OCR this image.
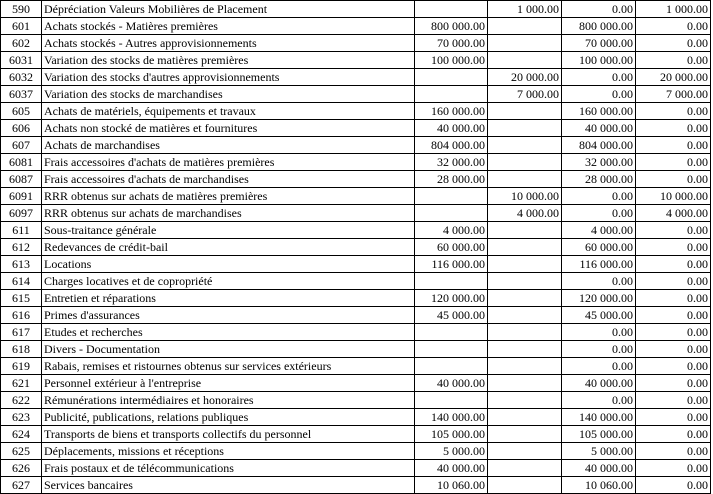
590	Dépréciation Valeurs Mobilières de Placement		1 000.00	0.00	1 000.00
601	Achats stockés - Matières premières	800 000.00		800 000.00	0.00
602	Achats stockés - Autres approvisionnements	70 000.00		70 000.00	0.00
6031	Variation des stocks de matières premières	100 000.00		100 000.00	0.00
6032	Variation des stocks d'autres approvisionnements		20 000.00	0.00	20 000.00
6037	Variation des stocks de marchandises		7 000.00	0.00	7 000.00
605	Achats de matériels, équipements et travaux	160 000.00		160 000.00	0.00
606	Achats non stocké de matières et fournitures	40 000.00		40 000.00	0.00
607	Achats de marchandises	804 000.00		804 000.00	0.00
6081	Frais accessoires d'achats de matières premières	32 000.00		32 000.00	0.00
6087	Frais accessoires d'achats de marchandises	28 000.00		28 000.00	0.00
6091	RRR obtenus sur achats de matières premières		10 000.00	0.00	10 000.00
6097	RRR obtenus sur achats de marchandises		4 000.00	0.00	4 000.00
611	Sous-traitance générale	4 000.00		4 000.00	0.00
612	Redevances de crédit-bail	60 000.00		60 000.00	0.00
613	Locations	116 000.00		116 000.00	0.00
614	Charges locatives et de copropriété			0.00	0.00
615	Entretien et réparations	120 000.00		120 000.00	0.00
616	Primes d'assurances	45 000.00		45 000.00	0.00
617	Etudes et recherches			0.00	0.00
618	Divers - Documentation			0.00	0.00
619	Rabais, remises et ristournes obtenus sur services extérieurs			0.00	0.00
621	Personnel extérieur à l'entreprise	40 000.00		40 000.00	0.00
622	Rémunérations intermédiaires et honoraires			0.00	0.00
623	Publicité, publications, relations publiques	140 000.00		140 000.00	0.00
624	Transports de biens et transports collectifs du personnel	105 000.00		105 000.00	0.00
625	Déplacements, missions et réceptions	5 000.00		5 000.00	0.00
626	Frais postaux et de télécommunications	40 000.00		40 000.00	0.00
627	Services bancaires	10 060.00		10 060.00	0.00
